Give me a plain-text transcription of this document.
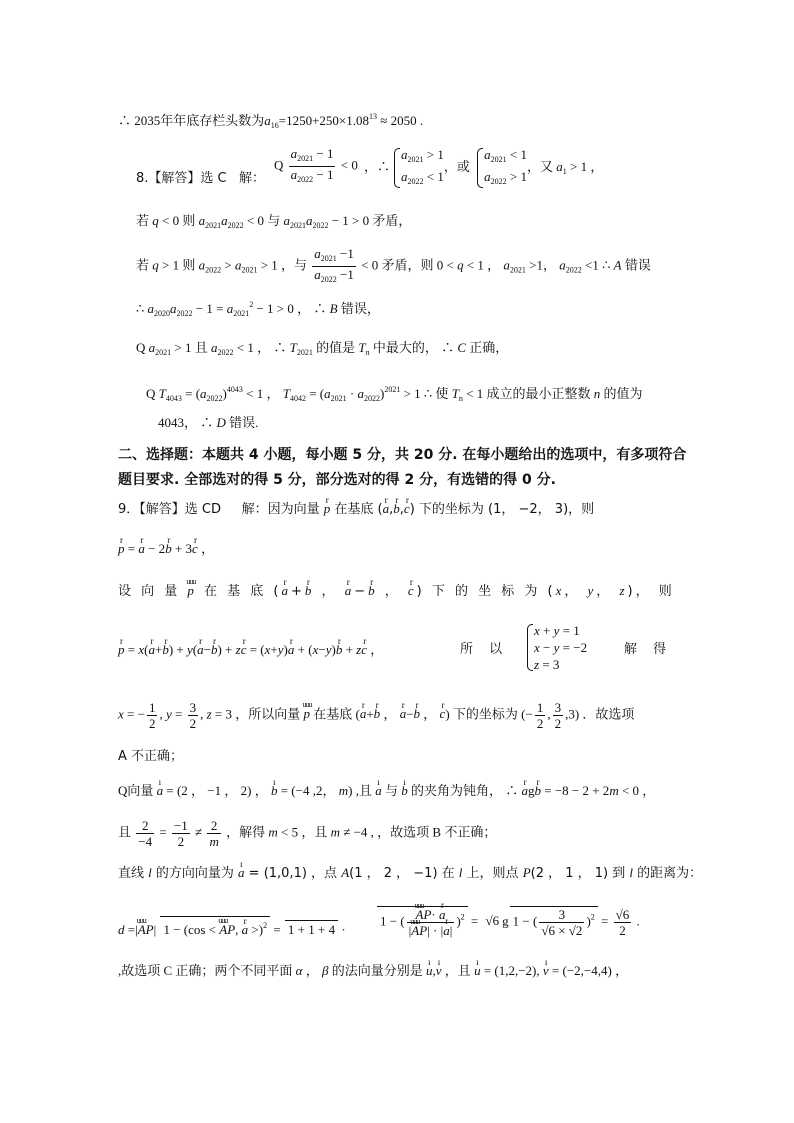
∴ 2035年年底存栏头数为$a_{16}=1250+250\times 1.08^{13} \approx 2050$ .
8.【解答】选 C   解：
Q $\frac{a_{2021} - 1}{a_{2022} - 1} < 0$ ，∴
$a_{2021} > 1$
$a_{2022} < 1$
，或
$a_{2021} < 1$
$a_{2022} > 1$
，又 $a_1 > 1$ ，
若 q < 0 则 $a_{2021}a_{2022} < 0$ 与 $a_{2021}a_{2022} - 1 > 0$ 矛盾，
若 q > 1 则 $a_{2022} > a_{2021} > 1$ ，与 $\frac{a_{2021} -1}{a_{2022} -1} < 0$ 矛盾，则 0 < q < 1 ， $a_{2021} >1$， $a_{2022} <1$ ∴ A 错误
∴ $a_{2020}a_{2022} - 1 = a_{2021}^2 - 1 > 0$ ， ∴ B 错误，
Q $a_{2021} > 1$ 且 $a_{2022} < 1$ ， ∴ $T_{2021}$ 的值是 $T_n$ 中最大的， ∴ C 正确，
Q $T_{4043} = (a_{2022})^{4043} < 1$ ， $T_{4042} = (a_{2021} \cdot a_{2022})^{2021} > 1$ ∴ 使 $T_n < 1$ 成立的最小正整数 n 的值为
4043， ∴ D 错误.
二、选择题：本题共 4 小题，每小题 5 分，共 20 分. 在每小题给出的选项中，有多项符合
题目要求. 全部选对的得 5 分，部分选对的得 2 分，有选错的得 0 分.
9．【解答】选 CD     解：因为向量 r p 在基底 (r a,r b,r c) 下的坐标为 (1， −2， 3)，则
r p = r a − 2r b + 3r c ，
设 向 量 uuu p 在 基 底 (r a+r b ， r a−r b ， r c) 下 的 坐 标 为 (x， y， z)， 则
r p = x(r a+r b) + y(r a−r b) + zr c = (x+y)r a + (x−y)r b + zr c ，	所 以
x + y = 1
x − y = −2
z = 3
解 得
x = − $\frac{1}{2}$ , $y = \frac{3}{2}$ , z = 3 ，所以向量 uuu p 在基底 (r a+r b ， r a−r b ， r c) 下的坐标为 (− $\frac{1}{2}$ , $\frac{3}{2} ,3$) ．故选项
A 不正确；
Q向量 ı a = (2 ， −1 ， 2) ， ı b = (−4 ,2， m) ,且 ı a 与 ı b 的夹角为钝角， ∴ r agr b = −8 − 2 + 2m < 0 ，
且 $\frac{2}{-4} = \frac{-1}{2} \ne \frac{2}{m}$ ，解得 m < 5 ，且 m ≠ −4 , ，故选项 B 不正确；
直线 l 的方向向量为 ı a = (1,0,1) ，点 A(1 ， 2 ， −1) 在 l 上，则点 P(2 ， 1 ， 1) 到 l 的距离为：
d =|uuu AP| 1 − (cos < uuu AP, r a >)$^2$ = 1 + 1 + 4 ·
1 − (
uuu $\frac{\text{AP· r a}}{\text{|uuu AP| · |r a|}} )^2 = √6$ g 1 − ( $\frac{3}{√6 \times √2} )^2 = \frac{√6}{2}$ .
,故选项 C 正确；两个不同平面 α ， β 的法向量分别是 ı u,ı v ，且 ı u = (1,2,−2), ı v = (−2,−4,4) ，
